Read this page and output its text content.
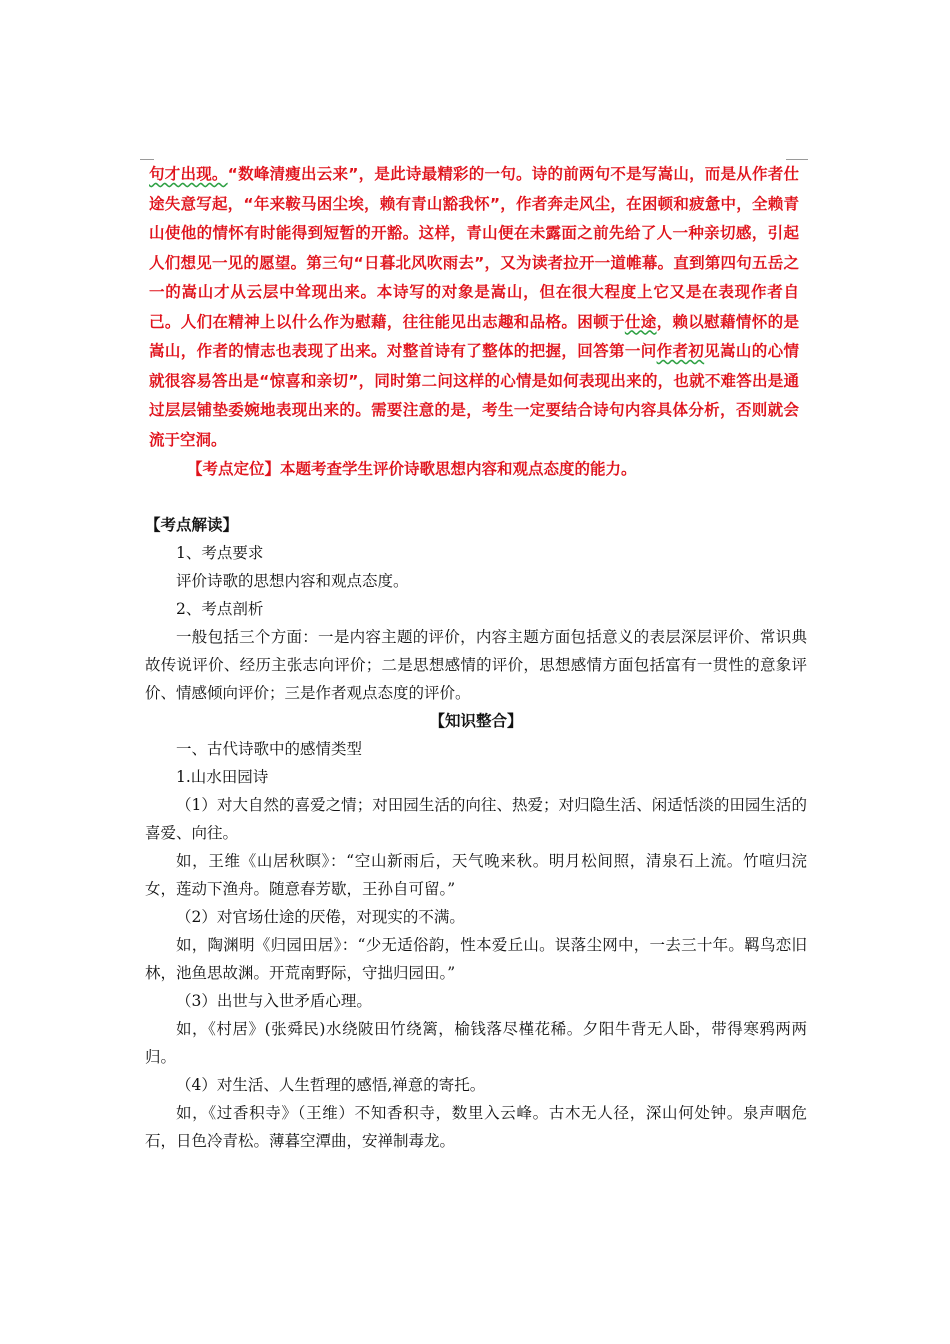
句才出现。“数峰清瘦出云来”，是此诗最精彩的一句。诗的前两句不是写嵩山，而是从作者仕途失意写起，“年来鞍马困尘埃，赖有青山豁我怀”，作者奔走风尘，在困顿和疲惫中，全赖青山使他的情怀有时能得到短暂的开豁。这样，青山便在未露面之前先给了人一种亲切感，引起人们想见一见的愿望。第三句“日暮北风吹雨去”，又为读者拉开一道帷幕。直到第四句五岳之一的嵩山才从云层中耸现出来。本诗写的对象是嵩山，但在很大程度上它又是在表现作者自己。人们在精神上以什么作为慰藉，往往能见出志趣和品格。困顿于仕途，赖以慰藉情怀的是嵩山，作者的情志也表现了出来。对整首诗有了整体的把握，回答第一问作者初见嵩山的心情就很容易答出是“惊喜和亲切”，同时第二问这样的心情是如何表现出来的，也就不难答出是通过层层铺垫委婉地表现出来的。需要注意的是，考生一定要结合诗句内容具体分析，否则就会流于空洞。

【考点定位】本题考查学生评价诗歌思想内容和观点态度的能力。

【考点解读】

1、考点要求

评价诗歌的思想内容和观点态度。

2、考点剖析

一般包括三个方面：一是内容主题的评价，内容主题方面包括意义的表层深层评价、常识典故传说评价、经历主张志向评价；二是思想感情的评价，思想感情方面包括富有一贯性的意象评价、情感倾向评价；三是作者观点态度的评价。

【知识整合】

一、古代诗歌中的感情类型

1.山水田园诗

（1）对大自然的喜爱之情；对田园生活的向往、热爱；对归隐生活、闲适恬淡的田园生活的喜爱、向往。

如，王维《山居秋暝》：“空山新雨后，天气晚来秋。明月松间照，清泉石上流。竹喧归浣女，莲动下渔舟。随意春芳歇，王孙自可留。”

（2）对官场仕途的厌倦，对现实的不满。

如，陶渊明《归园田居》：“少无适俗韵，性本爱丘山。误落尘网中，一去三十年。羁鸟恋旧林，池鱼思故渊。开荒南野际，守拙归园田。”

（3）出世与入世矛盾心理。

如，《村居》(张舜民)水绕陂田竹绕篱，榆钱落尽槿花稀。夕阳牛背无人卧，带得寒鸦两两归。

（4）对生活、人生哲理的感悟,禅意的寄托。

如，《过香积寺》（王维）不知香积寺，数里入云峰。古木无人径，深山何处钟。泉声咽危石，日色冷青松。薄暮空潭曲，安禅制毒龙。
